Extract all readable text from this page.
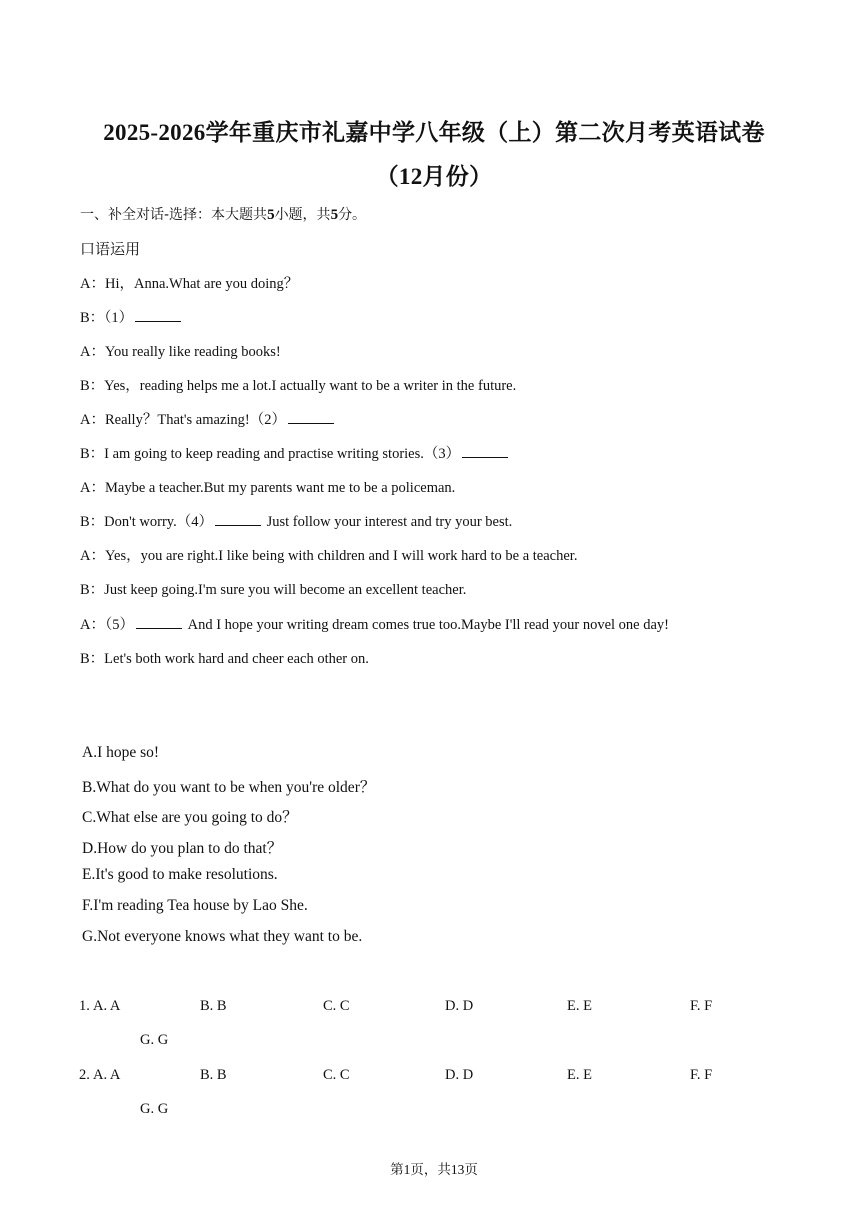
2025-2026学年重庆市礼嘉中学八年级（上）第二次月考英语试卷
（12月份）
一、补全对话-选择：本大题共5小题，共5分。
口语运用
A：Hi，Anna.What are you doing？
B：（1）
A：You really like reading books!
B：Yes，reading helps me a lot.I actually want to be a writer in the future.
A：Really？That's amazing!（2）
B：I am going to keep reading and practise writing stories.（3）
A：Maybe a teacher.But my parents want me to be a policeman.
B：Don't worry.（4）	Just follow your interest and try your best.
A：Yes，you are right.I like being with children and I will work hard to be a teacher.
B：Just keep going.I'm sure you will become an excellent teacher.
A：（5）	And I hope your writing dream comes true too.Maybe I'll read your novel one day!
B：Let's both work hard and cheer each other on.
A.I hope so!
B.What do you want to be when you're older？
C.What else are you going to do？
D.How do you plan to do that？
E.It's good to make resolutions.
F.I'm reading Tea house by Lao She.
G.Not everyone knows what they want to be.
1. A. A	B. B	C. C	D. D	E. E	F. F
G. G
2. A. A	B. B	C. C	D. D	E. E	F. F
G. G
第1页，共13页
